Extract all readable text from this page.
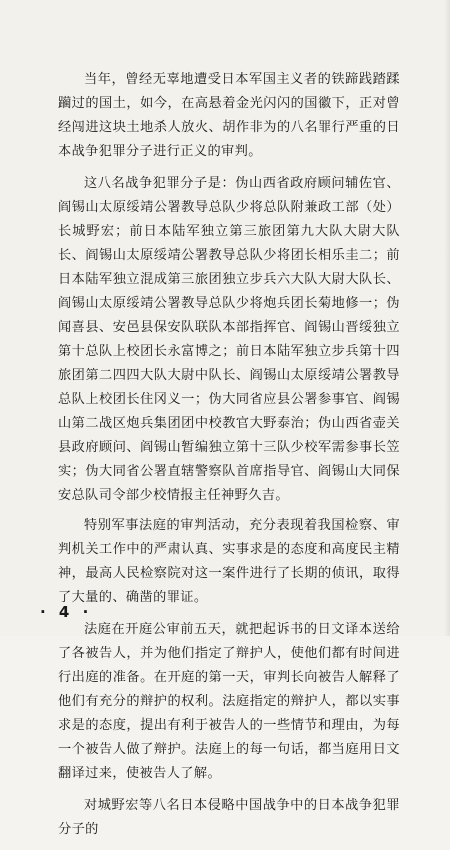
当年，曾经无辜地遭受日本军国主义者的铁蹄践踏蹂躏过的国土，如今，在高悬着金光闪闪的国徽下，正对曾经闯进这块土地杀人放火、胡作非为的八名罪行严重的日本战争犯罪分子进行正义的审判。

这八名战争犯罪分子是：伪山西省政府顾问辅佐官、阎锡山太原绥靖公署教导总队少将总队附兼政工部（处）长城野宏；前日本陆军独立第三旅团第九大队大尉大队长、阎锡山太原绥靖公署教导总队少将团长相乐圭二；前日本陆军独立混成第三旅团独立步兵六大队大尉大队长、阎锡山太原绥靖公署教导总队少将炮兵团长菊地修一；伪闻喜县、安邑县保安队联队本部指挥官、阎锡山晋绥独立第十总队上校团长永富博之；前日本陆军独立步兵第十四旅团第二四四大队大尉中队长、阎锡山太原绥靖公署教导总队上校团长住冈义一；伪大同省应县公署参事官、阎锡山第二战区炮兵集团团中校教官大野泰治；伪山西省壶关县政府顾问、阎锡山暂编独立第十三队少校军需参事长笠实；伪大同省公署直辖警察队首席指导官、阎锡山大同保安总队司令部少校情报主任神野久吉。

特别军事法庭的审判活动，充分表现着我国检察、审判机关工作中的严肃认真、实事求是的态度和高度民主精神，最高人民检察院对这一案件进行了长期的侦讯，取得了大量的、确凿的罪证。

法庭在开庭公审前五天，就把起诉书的日文译本送给了各被告人，并为他们指定了辩护人，使他们都有时间进行出庭的准备。在开庭的第一天，审判长向被告人解释了他们有充分的辩护的权利。法庭指定的辩护人，都以实事求是的态度，提出有利于被告人的一些情节和理由，为每一个被告人做了辩护。法庭上的每一句话，都当庭用日文翻译过来，使被告人了解。

对城野宏等八名日本侵略中国战争中的日本战争犯罪分子的

· 4 ·
